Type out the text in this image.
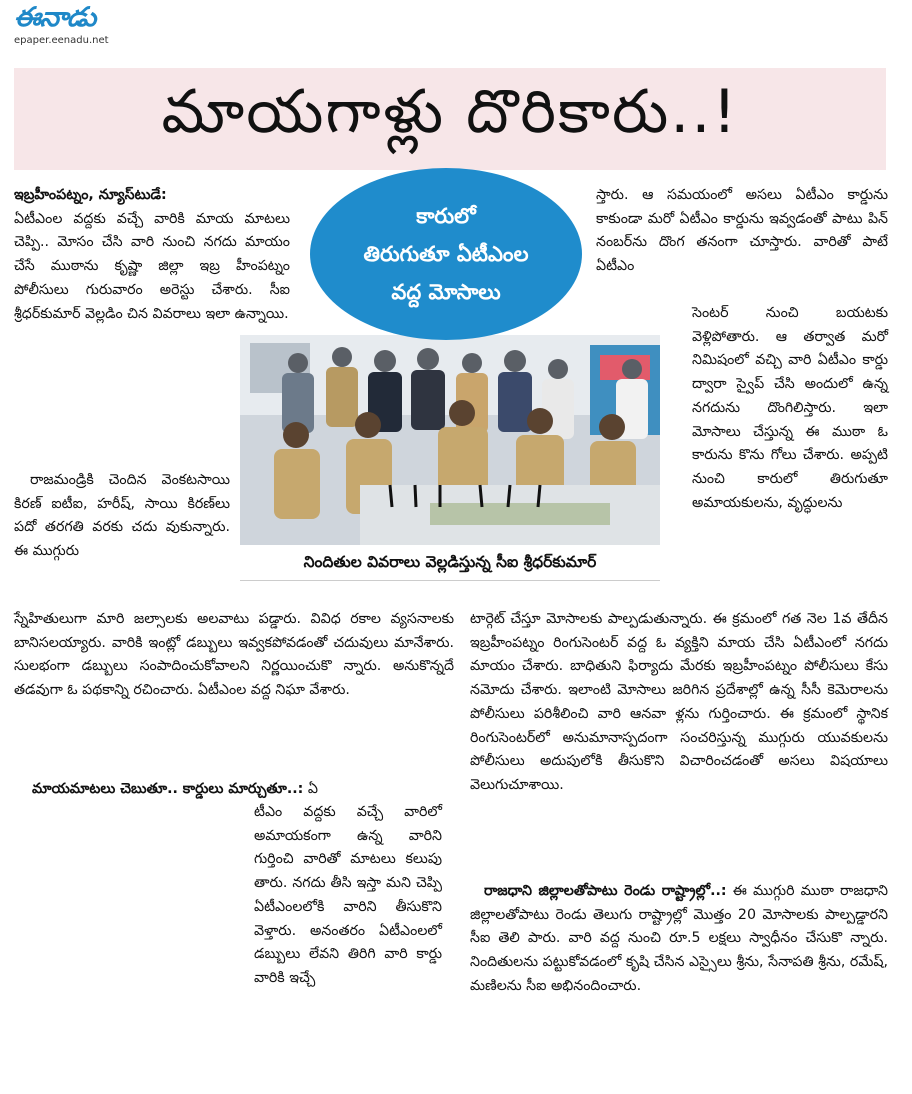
ఈనాడు
epaper.eenadu.net
మాయగాళ్లు దొరికారు..!

ఇబ్రహీంపట్నం, న్యూస్‌టుడే:

ఏటీఎంల వద్దకు వచ్చే వారికి మాయ మాటలు చెప్పి.. మోసం చేసి వారి నుంచి నగదు మాయం చేసే ముఠాను కృష్ణా జిల్లా ఇబ్ర హీంపట్నం పోలీసులు గురువారం అరెస్టు చేశారు. సీఐ శ్రీధర్‌కుమార్ వెల్లడిం చిన వివరాలు ఇలా ఉన్నాయి.

రాజమండ్రికి చెందిన వెంకటసాయి కిరణ్ ఐటీఐ, హరీష్, సాయి కిరణ్‌లు పదో తరగతి వరకు చదు వుకున్నారు. ఈ ముగ్గురు

స్నేహితులుగా మారి జల్సాలకు అలవాటు పడ్డారు. వివిధ రకాల వ్యసనాలకు బానిసలయ్యారు. వారికి ఇంట్లో డబ్బులు ఇవ్వకపోవడంతో చదువులు మానేశారు. సులభంగా డబ్బులు సంపాదించుకోవాలని నిర్ణయించుకొ న్నారు. అనుకొన్నదే తడవుగా ఓ పథకాన్ని రచించారు. ఏటీఎంల వద్ద నిఘా వేశారు.

మాయమాటలు చెబుతూ.. కార్డులు మార్చుతూ..: ఏ

టీఎం వద్దకు వచ్చే వారిలో అమాయకంగా ఉన్న వారిని గుర్తించి వారితో మాటలు కలుపు తారు. నగదు తీసి ఇస్తా మని చెప్పి ఏటీఎంలలోకి వారిని తీసుకొని వెళ్తారు. అనంతరం ఏటీఎంలలో డబ్బులు లేవని తిరిగి వారి కార్డు వారికి ఇచ్చే

స్తారు. ఆ సమయంలో అసలు ఏటీఎం కార్డును కాకుండా మరో ఏటీఎం కార్డును ఇవ్వడంతో పాటు పిన్ నంబర్‌ను దొంగ తనంగా చూస్తారు. వారితో పాటే ఏటీఎం

సెంటర్ నుంచి బయటకు వెళ్లిపోతారు. ఆ తర్వాత మరో నిమిషంలో వచ్చి వారి ఏటీఎం కార్డు ద్వారా స్వైప్ చేసి అందులో ఉన్న నగదును దొంగిలిస్తారు. ఇలా మోసాలు చేస్తున్న ఈ ముఠా ఓ కారును కొను గోలు చేశారు. అప్పటి నుంచి కారులో తిరుగుతూ అమాయకులను, వృద్ధులను

టార్గెట్ చేస్తూ మోసాలకు పాల్పడుతున్నారు. ఈ క్రమంలో గత నెల 1వ తేదీన ఇబ్రహీంపట్నం రింగుసెంటర్ వద్ద ఓ వ్యక్తిని మాయ చేసి ఏటీఎంలో నగదు మాయం చేశారు. బాధితుని ఫిర్యాదు మేరకు ఇబ్రహీంపట్నం పోలీసులు కేసు నమోదు చేశారు. ఇలాంటి మోసాలు జరిగిన ప్రదేశాల్లో ఉన్న సీసీ కెమెరాలను పోలీసులు పరిశీలించి వారి ఆనవా ళ్లను గుర్తించారు. ఈ క్రమంలో స్థానిక రింగుసెంటర్‌లో అనుమానాస్పదంగా సంచరిస్తున్న ముగ్గురు యువకులను పోలీసులు అదుపులోకి తీసుకొని విచారించడంతో అసలు విషయాలు వెలుగుచూశాయి.

రాజధాని జిల్లాలతోపాటు రెండు రాష్ట్రాల్లో..: ఈ ముగ్గురి ముఠా రాజధాని జిల్లాలతోపాటు రెండు తెలుగు రాష్ట్రాల్లో మొత్తం 20 మోసాలకు పాల్పడ్డారని సీఐ తెలి పారు. వారి వద్ద నుంచి రూ.5 లక్షలు స్వాధీనం చేసుకొ న్నారు. నిందితులను పట్టుకోవడంలో కృషి చేసిన ఎస్సైలు శ్రీను, సేనాపతి శ్రీను, రమేష్, మణిలను సీఐ అభినందించారు.

కారులో
తిరుగుతూ ఏటీఎంల
వద్ద మోసాలు
నిందితుల వివరాలు వెల్లడిస్తున్న సీఐ శ్రీధర్‌కుమార్
